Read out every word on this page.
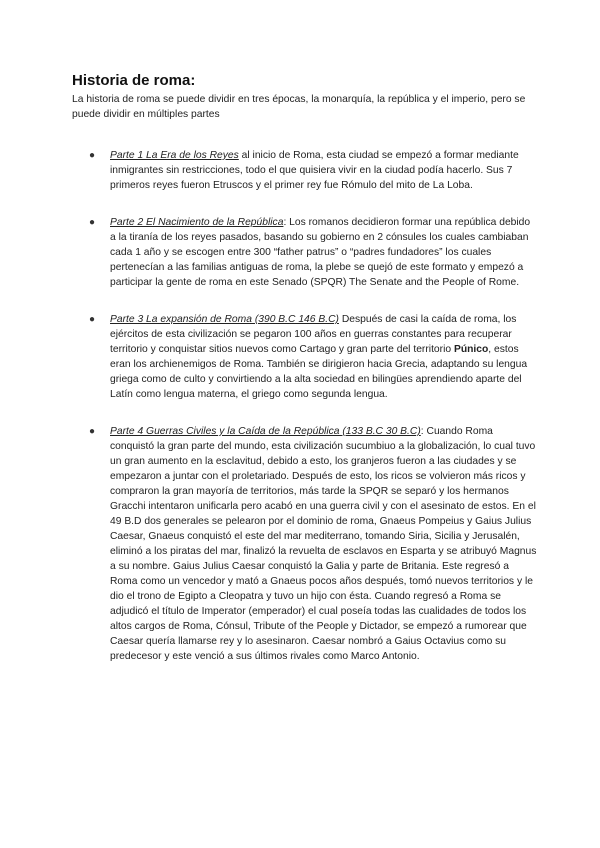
Historia de roma:
La historia de roma se puede dividir en tres épocas, la monarquía, la república y el imperio, pero se puede dividir en múltiples partes
● Parte 1 La Era de los Reyes al inicio de Roma, esta ciudad se empezó a formar mediante inmigrantes sin restricciones, todo el que quisiera vivir en la ciudad podía hacerlo. Sus 7 primeros reyes fueron Etruscos y el primer rey fue Rómulo del mito de La Loba.
● Parte 2 El Nacimiento de la República: Los romanos decidieron formar una república debido a la tiranía de los reyes pasados, basando su gobierno en 2 cónsules los cuales cambiaban cada 1 año y se escogen entre 300 “father patrus” o “padres fundadores” los cuales pertenecían a las familias antiguas de roma, la plebe se quejó de este formato y empezó a participar la gente de roma en este Senado (SPQR) The Senate and the People of Rome.
● Parte 3 La expansión de Roma (390 B.C 146 B.C) Después de casi la caída de roma, los ejércitos de esta civilización se pegaron 100 años en guerras constantes para recuperar territorio y conquistar sitios nuevos como Cartago y gran parte del territorio Púnico, estos eran los archienemigos de Roma. También se dirigieron hacia Grecia, adaptando su lengua griega como de culto y convirtiendo a la alta sociedad en bilingües aprendiendo aparte del Latín como lengua materna, el griego como segunda lengua.
● Parte 4 Guerras Civiles y la Caída de la República (133 B.C 30 B.C): Cuando Roma conquistó la gran parte del mundo, esta civilización sucumbiuo a la globalización, lo cual tuvo un gran aumento en la esclavitud, debido a esto, los granjeros fueron a las ciudades y se empezaron a juntar con el proletariado. Después de esto, los ricos se volvieron más ricos y compraron la gran mayoría de territorios, más tarde la SPQR se separó y los hermanos Gracchi intentaron unificarla pero acabó en una guerra civil y con el asesinato de estos. En el 49 B.D dos generales se pelearon por el dominio de roma, Gnaeus Pompeius y Gaius Julius Caesar, Gnaeus conquistó el este del mar mediterrano, tomando Siria, Sicilia y Jerusalén, eliminó a los piratas del mar, finalizó la revuelta de esclavos en Esparta y se atribuyó Magnus a su nombre. Gaius Julius Caesar conquistó la Galia y parte de Britania. Este regresó a Roma como un vencedor y mató a Gnaeus pocos años después, tomó nuevos territorios y le dio el trono de Egipto a Cleopatra y tuvo un hijo con ésta. Cuando regresó a Roma se adjudicó el título de Imperator (emperador) el cual poseía todas las cualidades de todos los altos cargos de Roma, Cónsul, Tribute of the People y Dictador, se empezó a rumorear que Caesar quería llamarse rey y lo asesinaron. Caesar nombró a Gaius Octavius como su predecesor y este venció a sus últimos rivales como Marco Antonio.
